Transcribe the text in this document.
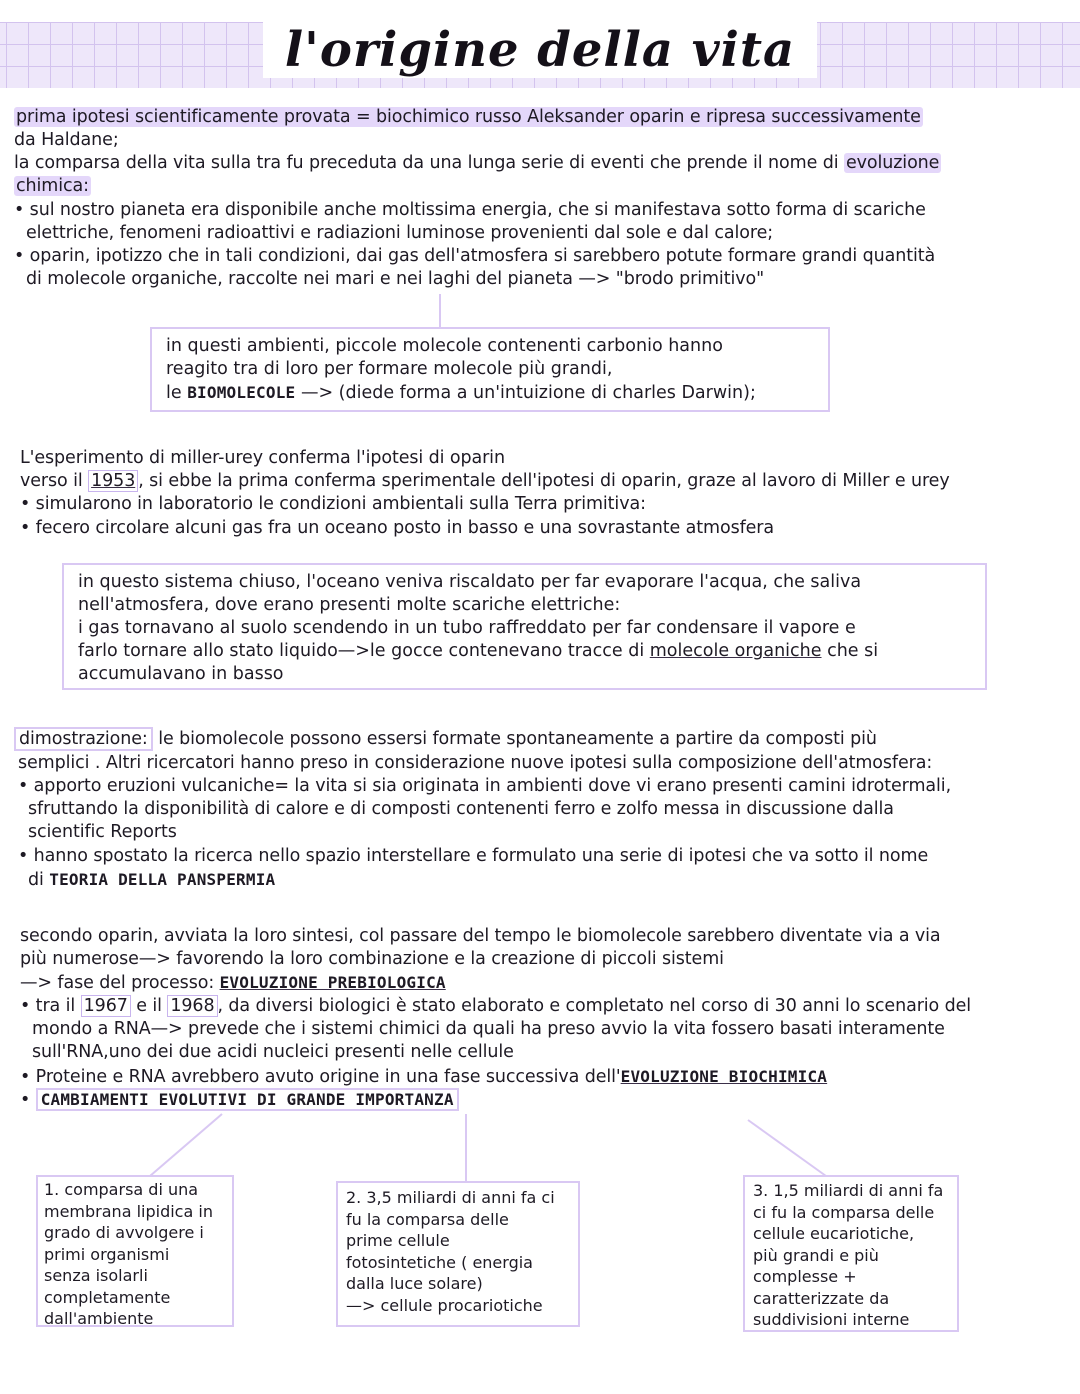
l'origine della vita

prima ipotesi scientificamente provata = biochimico russo Aleksander oparin e ripresa successivamente

da Haldane;

la comparsa della vita sulla tra fu preceduta da una lunga serie di eventi che prende il nome di evoluzione

chimica:

• sul nostro pianeta era disponibile anche moltissima energia, che si manifestava sotto forma di scariche

elettriche, fenomeni radioattivi e radiazioni luminose provenienti dal sole e dal calore;

• oparin, ipotizzo che in tali condizioni, dai gas dell'atmosfera si sarebbero potute formare grandi quantità

di molecole organiche, raccolte nei mari e nei laghi del pianeta —> "brodo primitivo"

in questi ambienti, piccole molecole contenenti carbonio hanno
reagito tra di loro per formare molecole più grandi,
le BIOMOLECOLE —> (diede forma a un'intuizione di charles Darwin);

L'esperimento di miller-urey conferma l'ipotesi di oparin

verso il 1953 , si ebbe la prima conferma sperimentale dell'ipotesi di oparin, graze al lavoro di Miller e urey

• simularono in laboratorio le condizioni ambientali sulla Terra primitiva:

• fecero circolare alcuni gas fra un oceano posto in basso e una sovrastante atmosfera

in questo sistema chiuso, l'oceano veniva riscaldato per far evaporare l'acqua, che saliva
nell'atmosfera, dove erano presenti molte scariche elettriche:
i gas tornavano al suolo scendendo in un tubo raffreddato per far condensare il vapore e
farlo tornare allo stato liquido—>le gocce contenevano tracce di molecole organiche che si
accumulavano in basso

dimostrazione: le biomolecole possono essersi formate spontaneamente a partire da composti più

semplici . Altri ricercatori hanno preso in considerazione nuove ipotesi sulla composizione dell'atmosfera:

• apporto eruzioni vulcaniche= la vita si sia originata in ambienti dove vi erano presenti camini idrotermali,

sfruttando la disponibilità di calore e di composti contenenti ferro e zolfo messa in discussione dalla

scientific Reports

• hanno spostato la ricerca nello spazio interstellare e formulato una serie di ipotesi che va sotto il nome

di TEORIA DELLA PANSPERMIA

secondo oparin, avviata la loro sintesi, col passare del tempo le biomolecole sarebbero diventate via a via

più numerose—> favorendo la loro combinazione e la creazione di piccoli sistemi

—> fase del processo: EVOLUZIONE PREBIOLOGICA

• tra il 1967 e il 1968 , da diversi biologici è stato elaborato e completato nel corso di 30 anni lo scenario del

mondo a RNA—> prevede che i sistemi chimici da quali ha preso avvio la vita fossero basati interamente

sull'RNA,uno dei due acidi nucleici presenti nelle cellule

• Proteine e RNA avrebbero avuto origine in una fase successiva dell'EVOLUZIONE BIOCHIMICA

• CAMBIAMENTI EVOLUTIVI DI GRANDE IMPORTANZA

1. comparsa di una
membrana lipidica in
grado di avvolgere i
primi organismi
senza isolarli
completamente
dall'ambiente
2. 3,5 miliardi di anni fa ci
fu la comparsa delle
prime cellule
fotosintetiche ( energia
dalla luce solare)
—> cellule procariotiche
3. 1,5 miliardi di anni fa
ci fu la comparsa delle
cellule eucariotiche,
più grandi e più
complesse +
caratterizzate da
suddivisioni interne
